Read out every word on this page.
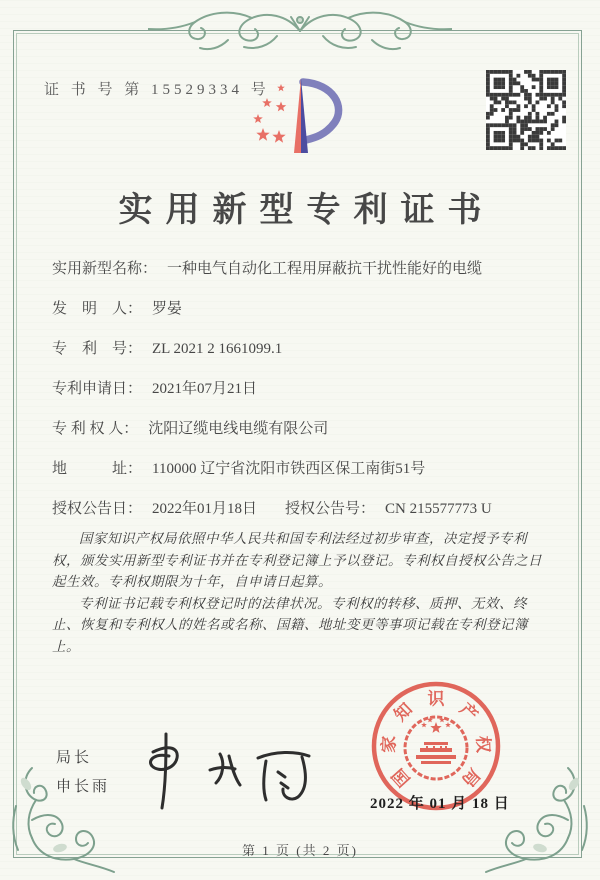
证 书 号 第 15529334 号
实用新型专利证书
实用新型名称： 一种电气自动化工程用屏蔽抗干扰性能好的电缆
发　明　人： 罗晏
专　利　号： ZL 2021 2 1661099.1
专利申请日： 2021年07月21日
专 利 权 人： 沈阳辽缆电线电缆有限公司
地　　　址： 110000 辽宁省沈阳市铁西区保工南街51号
授权公告日： 2022年01月18日 授权公告号： CN 215577773 U

国家知识产权局依照中华人民共和国专利法经过初步审查，决定授予专利权，颁发实用新型专利证书并在专利登记簿上予以登记。专利权自授权公告之日起生效。专利权期限为十年，自申请日起算。

专利证书记载专利权登记时的法律状况。专利权的转移、质押、无效、终止、恢复和专利权人的姓名或名称、国籍、地址变更等事项记载在专利登记簿上。

局长
申长雨	国
家
知
识
产
权
局
2022 年 01 月 18 日
第 1 页 (共 2 页)
